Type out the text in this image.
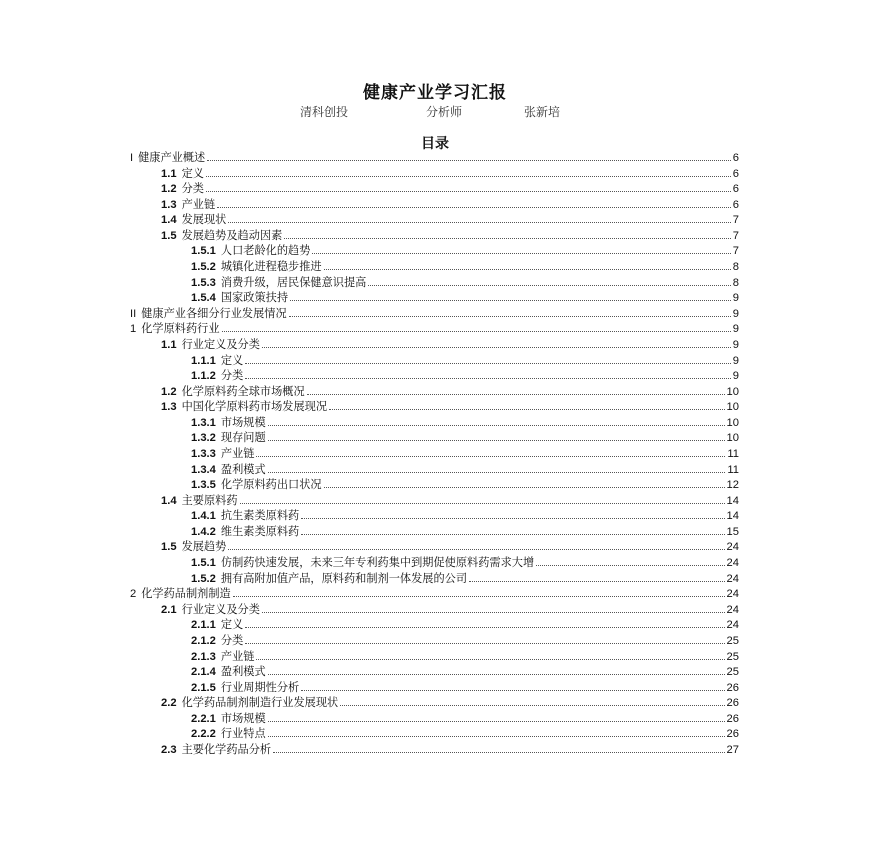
健康产业学习汇报
清科创投	分析师	张新培
目录
I 健康产业概述	6
1.1 定义	6
1.2 分类	6
1.3 产业链	6
1.4 发展现状	7
1.5 发展趋势及趋动因素	7
1.5.1 人口老龄化的趋势	7
1.5.2 城镇化进程稳步推进	8
1.5.3 消费升级，居民保健意识提高	8
1.5.4 国家政策扶持	9
II 健康产业各细分行业发展情况	9
1 化学原料药行业	9
1.1 行业定义及分类	9
1.1.1 定义	9
1.1.2 分类	9
1.2 化学原料药全球市场概况	10
1.3 中国化学原料药市场发展现况	10
1.3.1 市场规模	10
1.3.2 现存问题	10
1.3.3 产业链	11
1.3.4 盈利模式	11
1.3.5 化学原料药出口状况	12
1.4 主要原料药	14
1.4.1 抗生素类原料药	14
1.4.2 维生素类原料药	15
1.5 发展趋势	24
1.5.1 仿制药快速发展，未来三年专利药集中到期促使原料药需求大增	24
1.5.2 拥有高附加值产品，原料药和制剂一体发展的公司	24
2 化学药品制剂制造	24
2.1 行业定义及分类	24
2.1.1 定义	24
2.1.2 分类	25
2.1.3 产业链	25
2.1.4 盈利模式	25
2.1.5 行业周期性分析	26
2.2 化学药品制剂制造行业发展现状	26
2.2.1 市场规模	26
2.2.2 行业特点	26
2.3 主要化学药品分析	27
